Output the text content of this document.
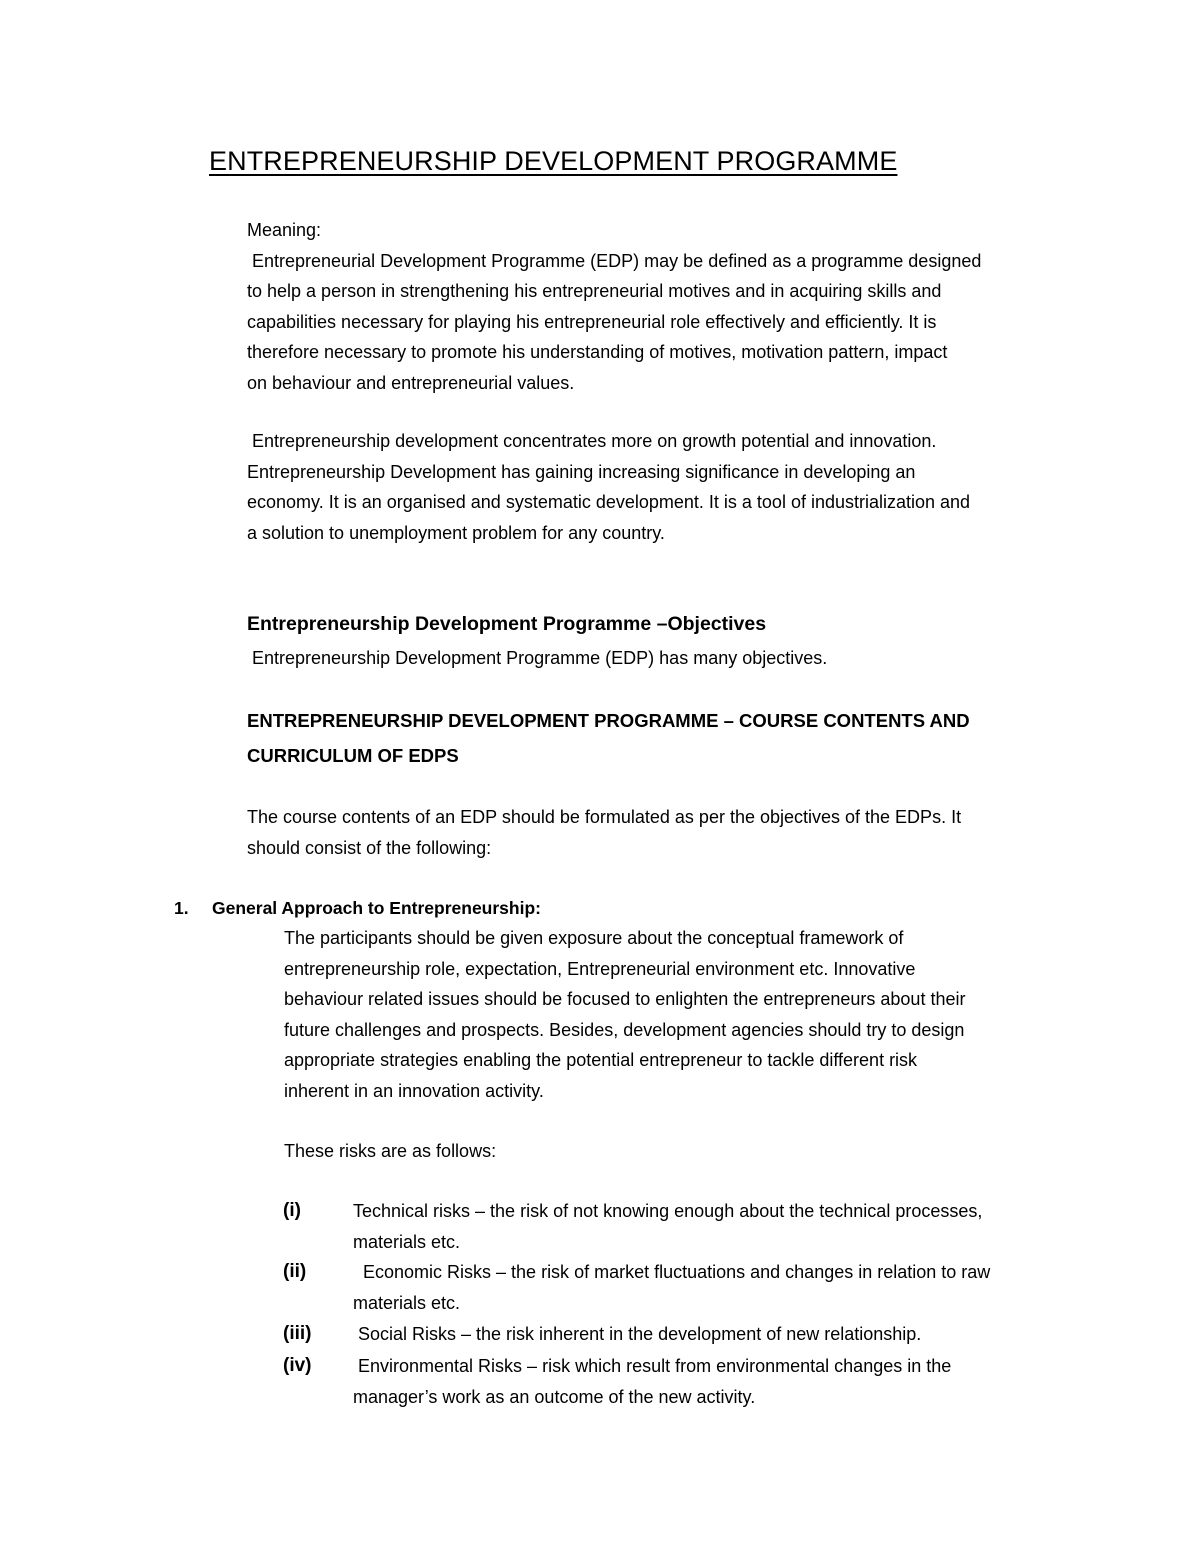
ENTREPRENEURSHIP DEVELOPMENT PROGRAMME
Meaning:
Entrepreneurial Development Programme (EDP) may be defined as a programme designed
to help a person in strengthening his entrepreneurial motives and in acquiring skills and
capabilities necessary for playing his entrepreneurial role effectively and efficiently. It is
therefore necessary to promote his understanding of motives, motivation pattern, impact
on behaviour and entrepreneurial values.
Entrepreneurship development concentrates more on growth potential and innovation.
Entrepreneurship Development has gaining increasing significance in developing an
economy. It is an organised and systematic development. It is a tool of industrialization and
a solution to unemployment problem for any country.
Entrepreneurship Development Programme –Objectives
Entrepreneurship Development Programme (EDP) has many objectives.
ENTREPRENEURSHIP DEVELOPMENT PROGRAMME – COURSE CONTENTS AND
CURRICULUM OF EDPS
The course contents of an EDP should be formulated as per the objectives of the EDPs. It
should consist of the following:
1. General Approach to Entrepreneurship:
The participants should be given exposure about the conceptual framework of
entrepreneurship role, expectation, Entrepreneurial environment etc. Innovative
behaviour related issues should be focused to enlighten the entrepreneurs about their
future challenges and prospects. Besides, development agencies should try to design
appropriate strategies enabling the potential entrepreneur to tackle different risk
inherent in an innovation activity.
These risks are as follows:
(i)	Technical risks – the risk of not knowing enough about the technical processes,
materials etc.
(ii)	Economic Risks – the risk of market fluctuations and changes in relation to raw
materials etc.
(iii) Social Risks – the risk inherent in the development of new relationship.
(iv) Environmental Risks – risk which result from environmental changes in the
manager’s work as an outcome of the new activity.
